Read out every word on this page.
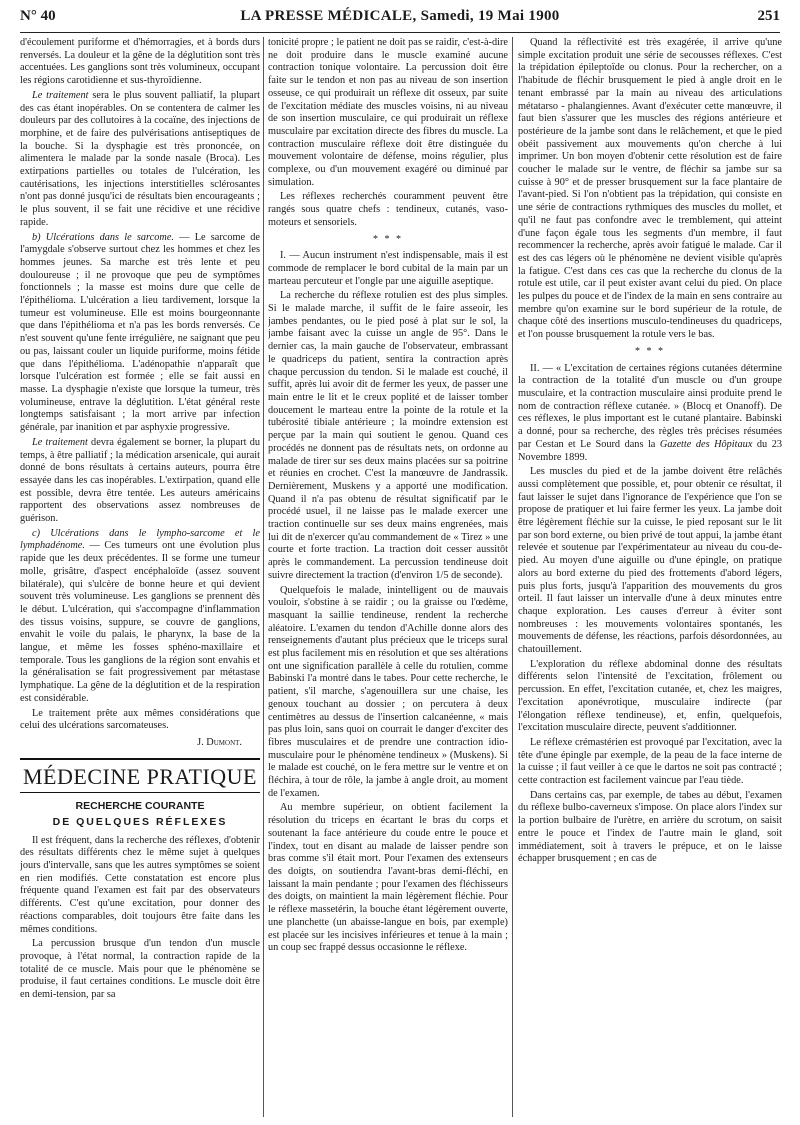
N° 40	LA PRESSE MÉDICALE, Samedi, 19 Mai 1900	251

d'écoulement puriforme et d'hémorragies, et à bords durs renversés. La douleur et la gêne de la déglutition sont très accentuées. Les ganglions sont très volumineux, occupant les régions carotidienne et sus-thyroïdienne.

Le traitement sera le plus souvent palliatif, la plupart des cas étant inopérables. On se contentera de calmer les douleurs par des collutoires à la cocaïne, des injections de morphine, et de faire des pulvérisations antiseptiques de la bouche. Si la dysphagie est très prononcée, on alimentera le malade par la sonde nasale (Broca). Les extirpations partielles ou totales de l'ulcération, les cautérisations, les injections interstitielles sclérosantes n'ont pas donné jusqu'ici de résultats bien encourageants ; le plus souvent, il se fait une récidive et une récidive rapide.

b) Ulcérations dans le sarcome. — Le sarcome de l'amygdale s'observe surtout chez les hommes et chez les hommes jeunes. Sa marche est très lente et peu douloureuse ; il ne provoque que peu de symptômes fonctionnels ; la masse est moins dure que celle de l'épithélioma. L'ulcération a lieu tardivement, lorsque la tumeur est volumineuse. Elle est moins bourgeonnante que dans l'épithélioma et n'a pas les bords renversés. Ce n'est souvent qu'une fente irrégulière, ne saignant que peu ou pas, laissant couler un liquide puriforme, moins fétide que dans l'épithélioma. L'adénopathie n'apparaît que lorsque l'ulcération est formée ; elle se fait aussi en masse. La dysphagie n'existe que lorsque la tumeur, très volumineuse, entrave la déglutition. L'état général reste longtemps satisfaisant ; la mort arrive par infection générale, par inanition et par asphyxie progressive.

Le traitement devra également se borner, la plupart du temps, à être palliatif ; la médication arsenicale, qui aurait donné de bons résultats à certains auteurs, pourra être essayée dans les cas inopérables. L'extirpation, quand elle est possible, devra être tentée. Les auteurs américains rapportent des observations assez nombreuses de guérison.

c) Ulcérations dans le lympho-sarcome et le lymphadénome. — Ces tumeurs ont une évolution plus rapide que les deux précédentes. Il se forme une tumeur molle, grisâtre, d'aspect encéphaloïde (assez souvent bilatérale), qui s'ulcère de bonne heure et qui devient souvent très volumineuse. Les ganglions se prennent dès le début. L'ulcération, qui s'accompagne d'inflammation des tissus voisins, suppure, se couvre de ganglions, envahit le voile du palais, le pharynx, la base de la langue, et même les fosses sphéno-maxillaire et temporale. Tous les ganglions de la région sont envahis et la généralisation se fait progressivement par métastase lymphatique. La gêne de la déglutition et de la respiration est considérable.

Le traitement prête aux mêmes considérations que celui des ulcérations sarcomateuses.

J. Dumont.

MÉDECINE PRATIQUE
RECHERCHE COURANTE
DE QUELQUES RÉFLEXES

Il est fréquent, dans la recherche des réflexes, d'obtenir des résultats différents chez le même sujet à quelques jours d'intervalle, sans que les autres symptômes se soient en rien modifiés. Cette constatation est encore plus fréquente quand l'examen est fait par des observateurs différents. C'est qu'une excitation, pour donner des réactions comparables, doit toujours être faite dans les mêmes conditions.

La percussion brusque d'un tendon d'un muscle provoque, à l'état normal, la contraction rapide de la totalité de ce muscle. Mais pour que le phénomène se produise, il faut certaines conditions. Le muscle doit être en demi-tension, par sa

tonicité propre ; le patient ne doit pas se raidir, c'est-à-dire ne doit produire dans le muscle examiné aucune contraction tonique volontaire. La percussion doit être faite sur le tendon et non pas au niveau de son insertion osseuse, ce qui produirait un réflexe dit osseux, par suite de l'excitation médiate des muscles voisins, ni au niveau de son insertion musculaire, ce qui produirait un réflexe musculaire par excitation directe des fibres du muscle. La contraction musculaire réflexe doit être distinguée du mouvement volontaire de défense, moins régulier, plus complexe, ou d'un mouvement exagéré ou diminué par simulation.

Les réflexes recherchés couramment peuvent être rangés sous quatre chefs : tendineux, cutanés, vaso-moteurs et sensoriels.

* * *

I. — Aucun instrument n'est indispensable, mais il est commode de remplacer le bord cubital de la main par un marteau percuteur et l'ongle par une aiguille aseptique.

La recherche du réflexe rotulien est des plus simples. Si le malade marche, il suffit de le faire asseoir, les jambes pendantes, ou le pied posé à plat sur le sol, la jambe faisant avec la cuisse un angle de 95°. Dans le dernier cas, la main gauche de l'observateur, embrassant le quadriceps du patient, sentira la contraction après chaque percussion du tendon. Si le malade est couché, il suffit, après lui avoir dit de fermer les yeux, de passer une main entre le lit et le creux poplité et de laisser tomber doucement le marteau entre la pointe de la rotule et la tubérosité tibiale antérieure ; la moindre extension est perçue par la main qui soutient le genou. Quand ces procédés ne donnent pas de résultats nets, on ordonne au malade de tirer sur ses deux mains placées sur sa poitrine et réunies en crochet. C'est la manœuvre de Jandrassik. Dernièrement, Muskens y a apporté une modification. Quand il n'a pas obtenu de résultat significatif par le procédé usuel, il ne laisse pas le malade exercer une traction continuelle sur ses deux mains engrenées, mais lui dit de n'exercer qu'au commandement de « Tirez » une courte et forte traction. La traction doit cesser aussitôt après le commandement. La percussion tendineuse doit suivre directement la traction (d'environ 1/5 de seconde).

Quelquefois le malade, inintelligent ou de mauvais vouloir, s'obstine à se raidir ; ou la graisse ou l'œdème, masquant la saillie tendineuse, rendent la recherche aléatoire. L'examen du tendon d'Achille donne alors des renseignements d'autant plus précieux que le triceps sural est plus facilement mis en résolution et que ses altérations ont une signification parallèle à celle du rotulien, comme Babinski l'a montré dans le tabes. Pour cette recherche, le patient, s'il marche, s'agenouillera sur une chaise, les genoux touchant au dossier ; on percutera à deux centimètres au dessus de l'insertion calcanéenne, « mais pas plus loin, sans quoi on courrait le danger d'exciter des fibres musculaires et de prendre une contraction idio-musculaire pour le phénomène tendineux » (Muskens). Si le malade est couché, on le fera mettre sur le ventre et on fléchira, à tour de rôle, la jambe à angle droit, au moment de l'examen.

Au membre supérieur, on obtient facilement la résolution du triceps en écartant le bras du corps et soutenant la face antérieure du coude entre le pouce et l'index, tout en disant au malade de laisser pendre son bras comme s'il était mort. Pour l'examen des extenseurs des doigts, on soutiendra l'avant-bras demi-fléchi, en laissant la main pendante ; pour l'examen des fléchisseurs des doigts, on maintient la main légèrement fléchie. Pour le réflexe massetérin, la bouche étant légèrement ouverte, une planchette (un abaisse-langue en bois, par exemple) est placée sur les incisives inférieures et tenue à la main ; un coup sec frappé dessus occasionne le réflexe.

Quand la réflectivité est très exagérée, il arrive qu'une simple excitation produit une série de secousses réflexes. C'est la trépidation épileptoïde ou clonus. Pour la rechercher, on a l'habitude de fléchir brusquement le pied à angle droit en le tenant embrassé par la main au niveau des articulations métatarso - phalangiennes. Avant d'exécuter cette manœuvre, il faut bien s'assurer que les muscles des régions antérieure et postérieure de la jambe sont dans le relâchement, et que le pied obéit passivement aux mouvements qu'on cherche à lui imprimer. Un bon moyen d'obtenir cette résolution est de faire coucher le malade sur le ventre, de fléchir sa jambe sur sa cuisse à 90° et de presser brusquement sur la face plantaire de l'avant-pied. Si l'on n'obtient pas la trépidation, qui consiste en une série de contractions rythmiques des muscles du mollet, et qu'il ne faut pas confondre avec le tremblement, qui atteint d'une façon égale tous les segments d'un membre, il faut recommencer la recherche, après avoir fatigué le malade. Car il est des cas légers où le phénomène ne devient visible qu'après la fatigue. C'est dans ces cas que la recherche du clonus de la rotule est utile, car il peut exister avant celui du pied. On place les pulpes du pouce et de l'index de la main en sens contraire au membre qu'on examine sur le bord supérieur de la rotule, de chaque côté des insertions musculo-tendineuses du quadriceps, et l'on pousse brusquement la rotule vers le bas.

* * *

II. — « L'excitation de certaines régions cutanées détermine la contraction de la totalité d'un muscle ou d'un groupe musculaire, et la contraction musculaire ainsi produite prend le nom de contraction réflexe cutanée. » (Blocq et Onanoff). De ces réflexes, le plus important est le cutané plantaire. Babinski a donné, pour sa recherche, des règles très précises résumées par Cestan et Le Sourd dans la Gazette des Hôpitaux du 23 Novembre 1899.

Les muscles du pied et de la jambe doivent être relâchés aussi complètement que possible, et, pour obtenir ce résultat, il faut laisser le sujet dans l'ignorance de l'expérience que l'on se propose de pratiquer et lui faire fermer les yeux. La jambe doit être légèrement fléchie sur la cuisse, le pied reposant sur le lit par son bord externe, ou bien privé de tout appui, la jambe étant relevée et soutenue par l'expérimentateur au niveau du cou-de-pied. Au moyen d'une aiguille ou d'une épingle, on pratique alors au bord externe du pied des frottements d'abord légers, puis plus forts, jusqu'à l'apparition des mouvements du gros orteil. Il faut laisser un intervalle d'une à deux minutes entre chaque exploration. Les causes d'erreur à éviter sont nombreuses : les mouvements volontaires spontanés, les mouvements de défense, les réactions, parfois désordonnées, au chatouillement.

L'exploration du réflexe abdominal donne des résultats différents selon l'intensité de l'excitation, frôlement ou percussion. En effet, l'excitation cutanée, et, chez les maigres, l'excitation aponévrotique, musculaire indirecte (par l'élongation réflexe tendineuse), et, enfin, quelquefois, l'excitation musculaire directe, peuvent s'additionner.

Le réflexe crémastérien est provoqué par l'excitation, avec la tête d'une épingle par exemple, de la peau de la face interne de la cuisse ; il faut veiller à ce que le dartos ne soit pas contracté ; cette contraction est facilement vaincue par l'eau tiède.

Dans certains cas, par exemple, de tabes au début, l'examen du réflexe bulbo-caverneux s'impose. On place alors l'index sur la portion bulbaire de l'urètre, en arrière du scrotum, on saisit entre le pouce et l'index de l'autre main le gland, soit immédiatement, soit à travers le prépuce, et on le laisse échapper brusquement ; en cas de
